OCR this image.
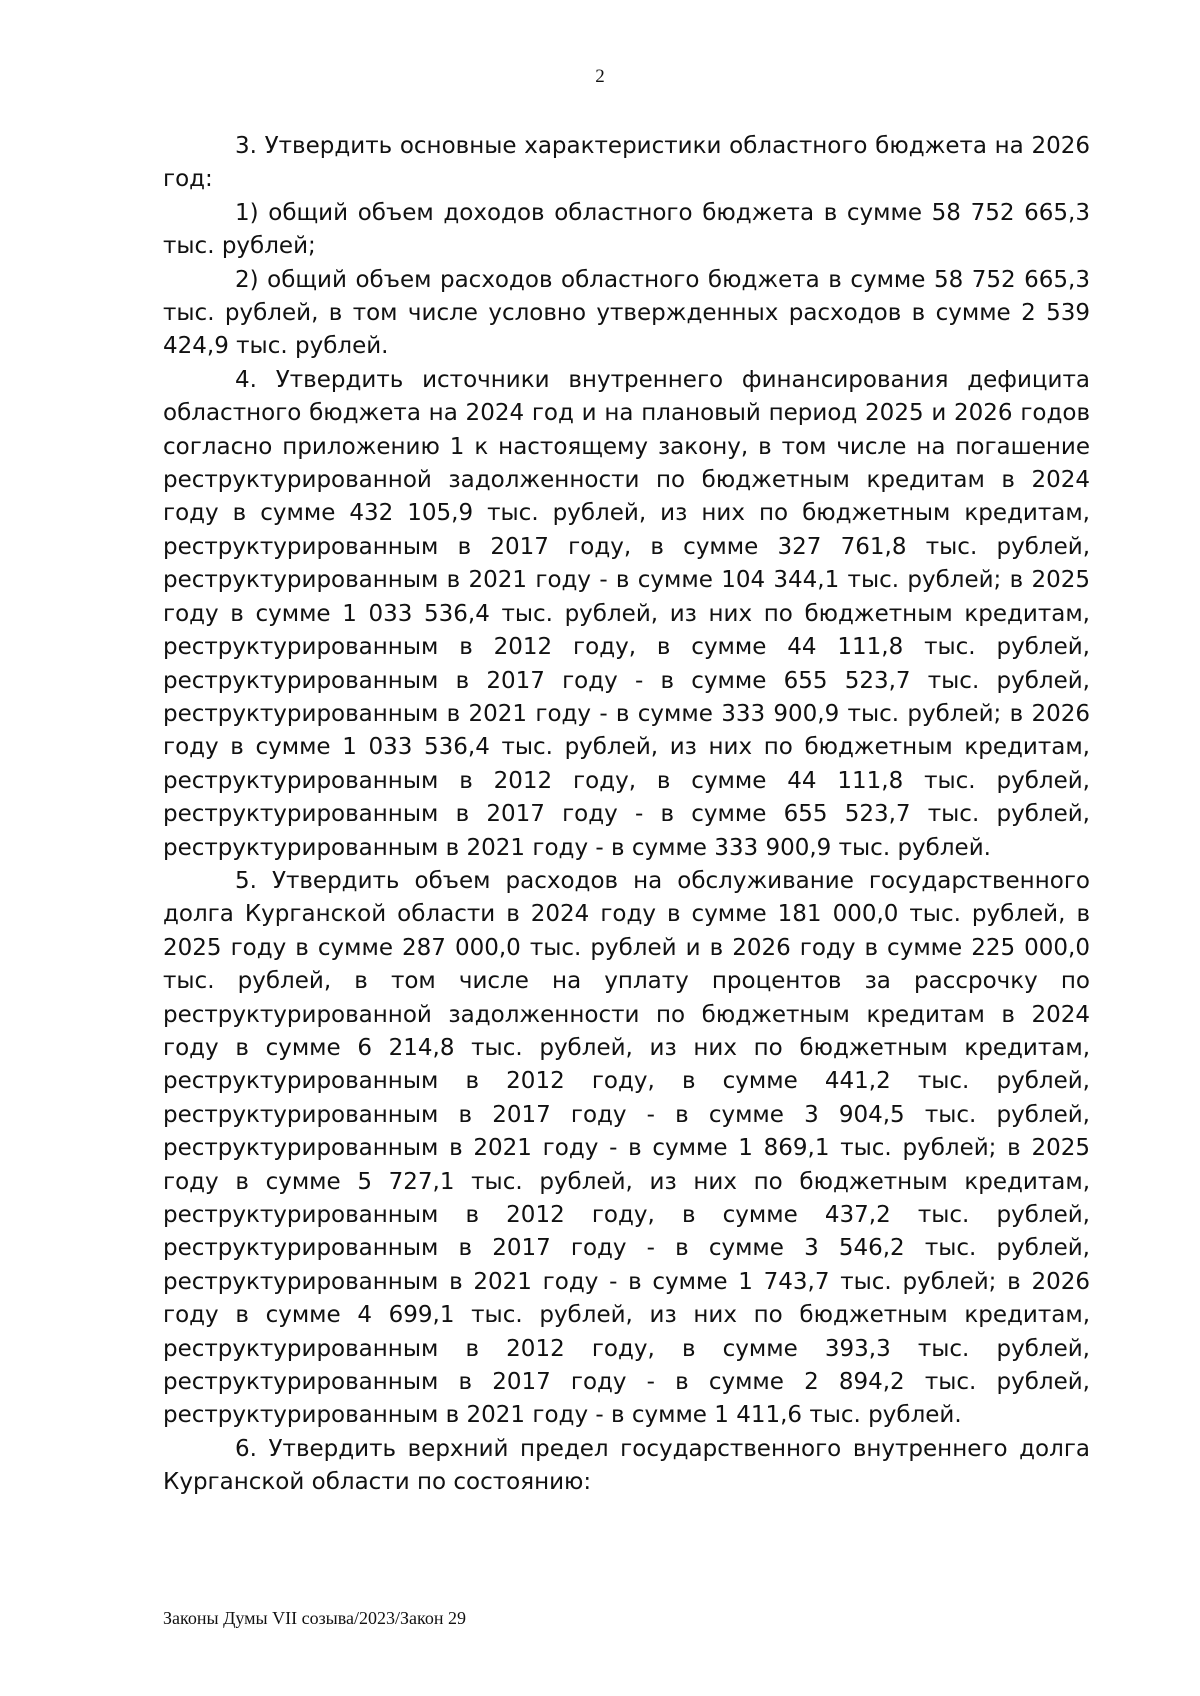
2

3. Утвердить основные характеристики областного бюджета на 2026 год:

1) общий объем доходов областного бюджета в сумме 58 752 665,3 тыс. рублей;

2) общий объем расходов областного бюджета в сумме 58 752 665,3 тыс. рублей, в том числе условно утвержденных расходов в сумме 2 539 424,9 тыс. рублей.

4. Утвердить источники внутреннего финансирования дефицита областного бюджета на 2024 год и на плановый период 2025 и 2026 годов согласно приложению 1 к настоящему закону, в том числе на погашение реструктурированной задолженности по бюджетным кредитам в 2024 году в сумме 432 105,9 тыс. рублей, из них по бюджетным кредитам, реструктурированным в 2017 году, в сумме 327 761,8 тыс. рублей, реструктурированным в 2021 году - в сумме 104 344,1 тыс. рублей; в 2025 году в сумме 1 033 536,4 тыс. рублей, из них по бюджетным кредитам, реструктурированным в 2012 году, в сумме 44 111,8 тыс. рублей, реструктурированным в 2017 году - в сумме 655 523,7 тыс. рублей, реструктурированным в 2021 году - в сумме 333 900,9 тыс. рублей; в 2026 году в сумме 1 033 536,4 тыс. рублей, из них по бюджетным кредитам, реструктурированным в 2012 году, в сумме 44 111,8 тыс. рублей, реструктурированным в 2017 году - в сумме 655 523,7 тыс. рублей, реструктурированным в 2021 году - в сумме 333 900,9 тыс. рублей.

5. Утвердить объем расходов на обслуживание государственного долга Курганской области в 2024 году в сумме 181 000,0 тыс. рублей, в 2025 году в сумме 287 000,0 тыс. рублей и в 2026 году в сумме 225 000,0 тыс. рублей, в том числе на уплату процентов за рассрочку по реструктурированной задолженности по бюджетным кредитам в 2024 году в сумме 6 214,8 тыс. рублей, из них по бюджетным кредитам, реструктурированным в 2012 году, в сумме 441,2 тыс. рублей, реструктурированным в 2017 году - в сумме 3 904,5 тыс. рублей, реструктурированным в 2021 году - в сумме 1 869,1 тыс. рублей; в 2025 году в сумме 5 727,1 тыс. рублей, из них по бюджетным кредитам, реструктурированным в 2012 году, в сумме 437,2 тыс. рублей, реструктурированным в 2017 году - в сумме 3 546,2 тыс. рублей, реструктурированным в 2021 году - в сумме 1 743,7 тыс. рублей; в 2026 году в сумме 4 699,1 тыс. рублей, из них по бюджетным кредитам, реструктурированным в 2012 году, в сумме 393,3 тыс. рублей, реструктурированным в 2017 году - в сумме 2 894,2 тыс. рублей, реструктурированным в 2021 году - в сумме 1 411,6 тыс. рублей.

6. Утвердить верхний предел государственного внутреннего долга Курганской области по состоянию:

Законы Думы VII созыва/2023/Закон 29
